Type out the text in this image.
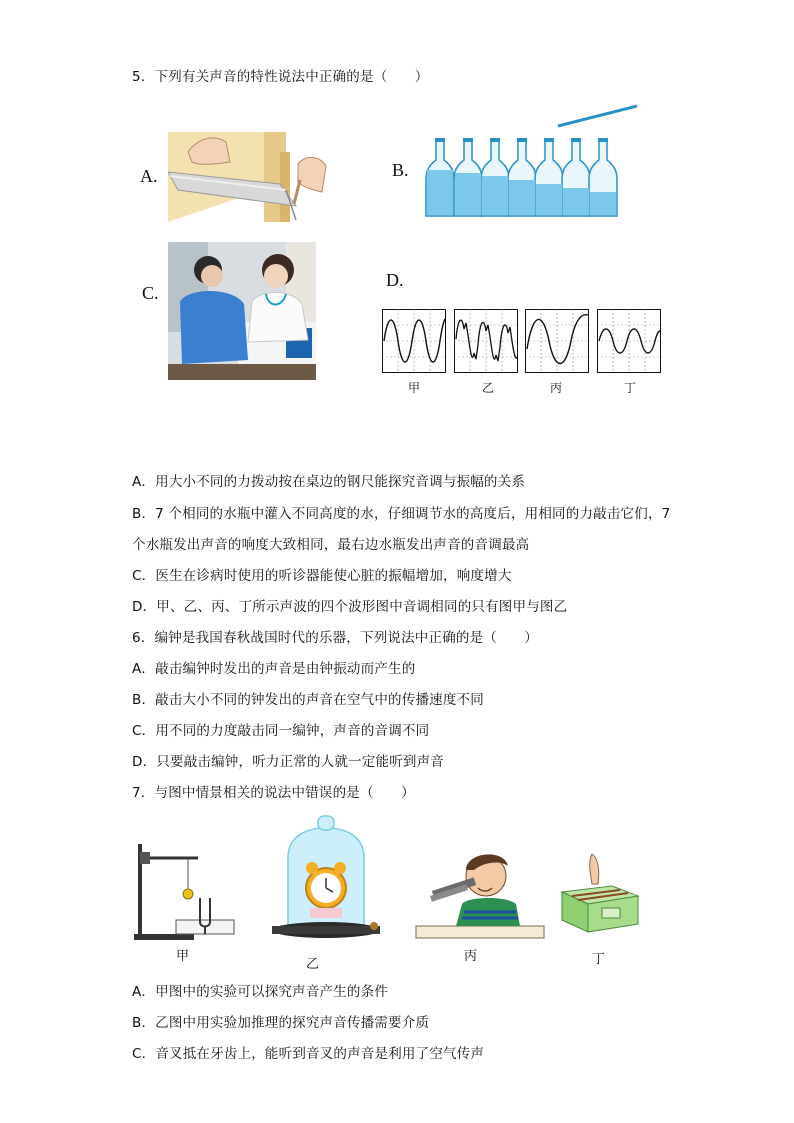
5．下列有关声音的特性说法中正确的是（　　）
A.	B.
C.
D.
甲	乙	丙	丁
A．用大小不同的力拨动按在桌边的钢尺能探究音调与振幅的关系
B．7 个相同的水瓶中灌入不同高度的水，仔细调节水的高度后，用相同的力敲击它们，7
个水瓶发出声音的响度大致相同，最右边水瓶发出声音的音调最高
C．医生在诊病时使用的听诊器能使心脏的振幅增加，响度增大
D．甲、乙、丙、丁所示声波的四个波形图中音调相同的只有图甲与图乙
6．编钟是我国春秋战国时代的乐器，下列说法中正确的是（　　）
A．敲击编钟时发出的声音是由钟振动而产生的
B．敲击大小不同的钟发出的声音在空气中的传播速度不同
C．用不同的力度敲击同一编钟，声音的音调不同
D．只要敲击编钟，听力正常的人就一定能听到声音
7．与图中情景相关的说法中错误的是（　　）
甲
乙
丙	丁
A．甲图中的实验可以探究声音产生的条件
B．乙图中用实验加推理的探究声音传播需要介质
C．音叉抵在牙齿上，能听到音叉的声音是利用了空气传声
